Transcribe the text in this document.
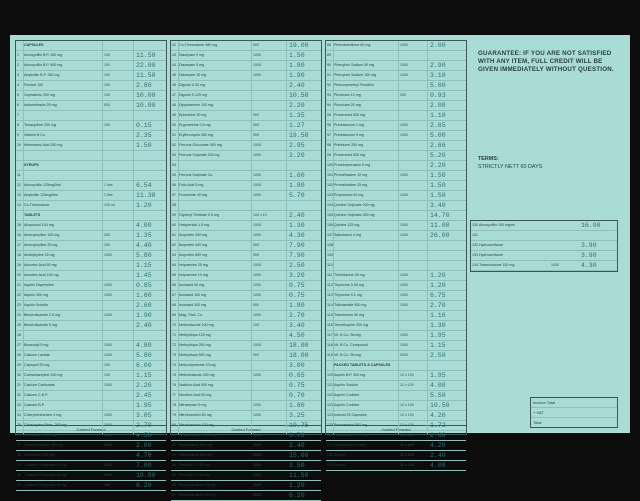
CAPSULES
1	Amoxycillin B.P. 250 mg	100	11.50
2	Amoxycillin B.P. 500 mg	100	22.00
3	Ampicillin B.P. 250 mg	100	11.50
4	Flexicel 100	100	2.80
5	Cephalexin 250 mg	100	10.00
6	Indomethacin 25 mg	500	10.00
7
8	Tetracycline 250 mg	100	0.15
9	Vitamin B Co.	2.35
10 Mefenamic Acid 250 mg	1.50
SYRUPS
11
12 Amoxycillin 125mg/5ml	1 litre	6.54
13 Ampicillin 125mg/5ml	1 litre	11.38
14 Co-Trimoxazole	100 ml	1.20
TABLETS
15 Allopurinol 100 mg	4.00
16 Aminophylline 100 mg	250	1.35
17 Aminophylline 25 mg	250	4.40
18 Amitriptyline 25 mg	1000	5.80
19 Ascorbic Acid 50 mg	1.15
20 Ascorbic Acid 100 mg	1.45
21 Aspirin Dispersible	1000	0.85
22 Aspirin 300 mg	1000	1.60
23 Aspirin Soluble	2.60
24 Bendrofluazide 2.5 mg	1000	1.90
25 Bendrofluazide 5 mg	2.40
26
27 Bisacodyl 5 mg	1000	4.80
28 Calcium Lactate	1000	5.80
29 Captopril 25 mg	100	6.00
30 Carbamazepine 200 mg	100	1.15
31 Calcium Carbonate	1000	2.20
32 Calcium C.B.P.	2.45
33 Cascara B.P.	1.95
34 Chlorpheniramine 4 mg	1000	3.05
35 Chloroquine Phos. 250 mg	1000	2.70
36 Chloroquine 150 mg	1000	4.50
37 Chlorpropamide 250 mg	1000	2.00
38 Cimetidine 200 mg	4.70
39 Codeine Phosphate 15 mg	1000	7.00
40 Codeine Phosphate 30 mg	1000	10.00
41 Codeine Phosphate 60 mg	100	6.20
Carried Forward
42 Co-Trimoxazole 480 mg	500	19.00
43 Diazepam 2 mg	1000	1.50
44 Diazepam 5 mg	1000	1.80
45 Diazepam 10 mg	1000	1.90
46 Digoxin 0.25 mg	2.40
47 Digoxin 0.125 mg	10.50
48 Dipyridamole 100 mg	2.20
49 Ephedrine 30 mg	500	1.35
50 Ergometrine 0.5 mg	500	1.27
51 Erythromycin 250 mg	500	19.50
52 Ferrous Gluconate 300 mg	1000	2.95
53 Ferrous Sulphate 200 mg	1000	2.20
54
55 Ferrous Sulphate Co.	1000	1.60
56 Folic Acid 5 mg	1000	1.80
57 Frusemide 40 mg	1000	5.70
58
59 Glyceryl Trinitrate 0.5 mg	100 x 10	2.40
60 Haloperidol 1.5 mg	1000	1.30
61 Ibuprofen 200 mg	1000	4.30
62 Ibuprofen 400 mg	500	7.90
63 Ibuprofen 600 mg	500	7.90
64 Imipramine 25 mg	1000	2.50
65 Imipramine 10 mg	1000	3.20
66 Isoniazid 50 mg	1000	0.75
67 Isoniazid 100 mg	1000	0.75
68 Isoniazid 300 mg	500	1.80
69 Mag. Trisil. Co.	1000	2.70
70 Mebendazole 100 mg	100	3.40
71 Methyldopa 125 mg	4.50
72 Methyldopa 250 mg	1000	18.00
73 Methyldopa 500 mg	500	18.00
74 Metoclopramide 10 mg	3.00
75 Metronidazole 200 mg	1000	0.65
76 Nalidixic Acid 500 mg	0.75
77 Nicotinic Acid 50 mg	0.70
78 Nitrazepam 5 mg	1000	1.80
79 Nitrofurantoin 50 mg	1000	3.25
80 Nitrofurantoin 100 mg	10.75
81 Oxytetracycline 250 mg	1000	6.70
82 Paracetamol 500 mg	1000	3.40
83 Paracetamol 500 mg	5000	15.00
84 Penicillin V 125 mg	1000	3.50
85 Penicillin V 250 mg	1000	11.50
86 Phenobarbitone 15 mg	1000	1.20
87 Phenobarbitone 30 mg	5000	6.20
Carried Forward
88 Phenobarbitone 60 mg	1000	2.00
89
90 Phenytoin Sodium 50 mg	1000	2.90
91 Phenytoin Sodium 100 mg	1000	3.10
92 Phenoxymethyl Penicillin	5.00
93 Piroxicam 10 mg	250	0.93
94 Piroxicam 20 mg	2.00
95 Probenecid 500 mg	1.10
96 Prednisolone 1 mg	1000	2.65
97 Prednisolone 5 mg	1000	5.00
98 Primidone 250 mg	2.66
99 Probenecid 500 mg	5.20
100 Prochlorperazine 5 mg	2.20
101 Promethazine 10 mg	1000	1.50
102 Promethazine 25 mg	1.50
103 Propranolol 40 mg	1000	1.50
104 Quinine Sulphate 200 mg	3.40
105 Quinine Sulphate 300 mg	14.70
106 Quinine 125 mg	1000	11.00
107 Salbutamol 4 mg	1000	26.00
108
109
110
111 Thioridazine 25 mg	1000	1.20
112 Thyroxine 0.05 mg	1000	1.20
113 Thyroxine 0.1 mg	1000	6.75
114 Tolbutamide 500 mg	1000	2.70
115 Triamterene 50 mg	1.16
116 Trimethoprim 200 mg	1.30
117 Vit. B Co. Strong	1000	1.95
118 Vit. B Co. Compound	1000	1.15
119 Vit. B Co. Strong	5000	2.50
PACKED TABLETS & CAPSULES
120 Aspirin B.P. 300 mg	12 x 100 1.95
121 Aspirin Soluble	12 x 100 4.00
122 Aspirin Codeine	5.50
123 Aspirin Codeine	12 x 100 10.50
124 Indocid 25 Capsules	12 x 100 4.20
125 Paracetamol 500 mg	12 x 100 1.72
126 Paracetamol 500 mg	12 x 100 2.80
127 Paracetamol Soluble	12 x 100 4.20
128 Septrin	12 x 100 2.40
129 Septrin	12 x 100 4.00
Carried Forward
GUARANTEE: IF YOU ARE NOT SATISFIED WITH ANY ITEM, FULL CREDIT WILL BE GIVEN IMMEDIATELY WITHOUT QUESTION.
TERMS:
STRICTLY NETT 60 DAYS
130 Amoxycillin 100 mg/ml	16.00
131
132 Hydrocortisone	3.90
133 Hydrocortisone	3.90
134 Triamcinolone 100 mg	1000	4.30
Invoice Total
+ VAT
Total
